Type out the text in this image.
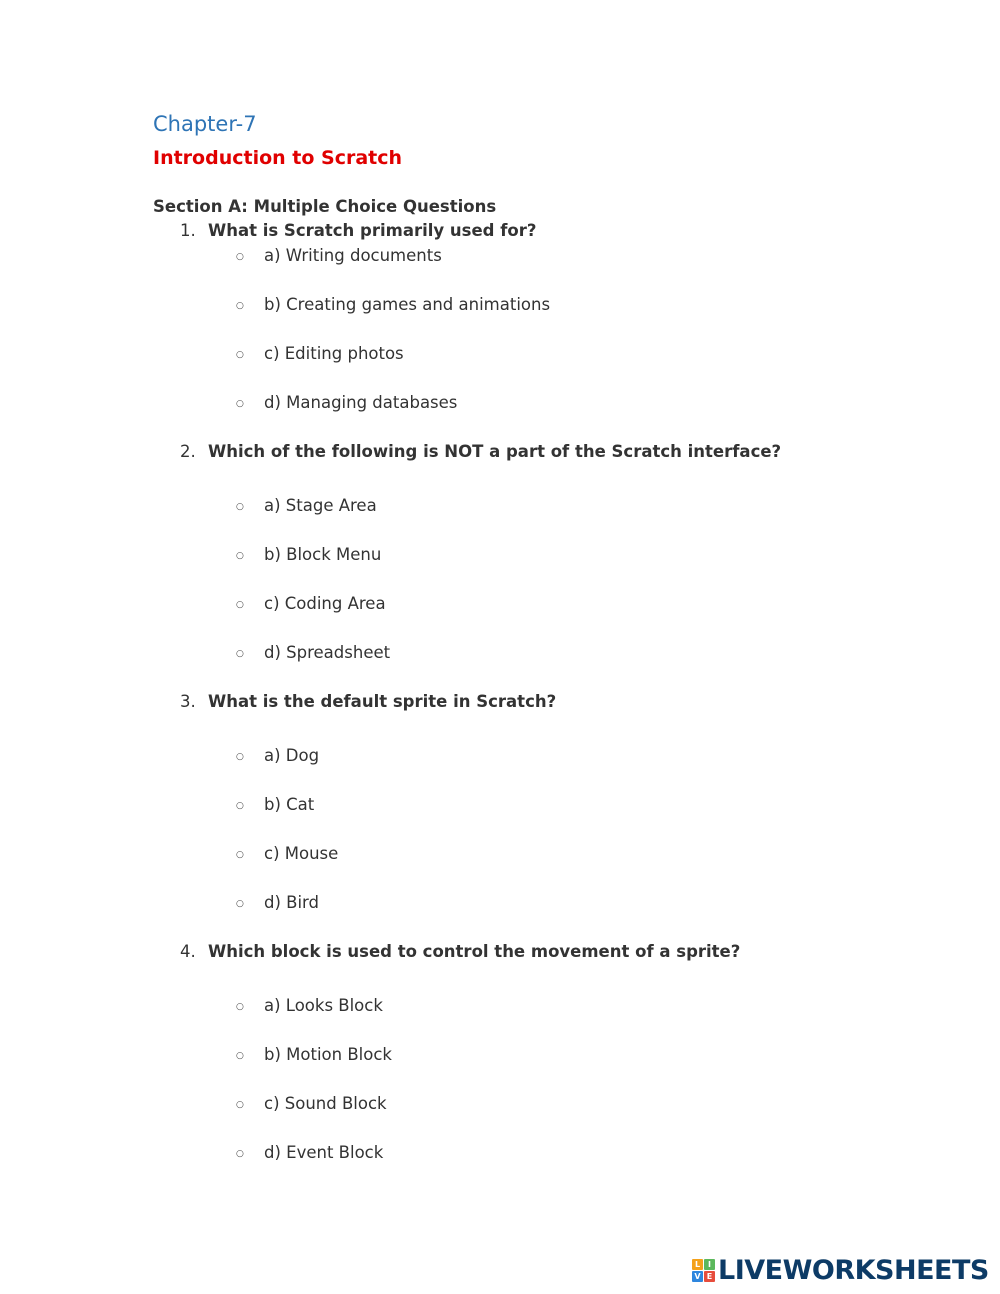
Chapter-7
Introduction to Scratch
Section A: Multiple Choice Questions
1. What is Scratch primarily used for?
○ a) Writing documents
○ b) Creating games and animations
○ c) Editing photos
○ d) Managing databases
2. Which of the following is NOT a part of the Scratch interface?
○ a) Stage Area
○ b) Block Menu
○ c) Coding Area
○ d) Spreadsheet
3. What is the default sprite in Scratch?
○ a) Dog
○ b) Cat
○ c) Mouse
○ d) Bird
4. Which block is used to control the movement of a sprite?
○ a) Looks Block
○ b) Motion Block
○ c) Sound Block
○ d) Event Block
L I
V E LIVEWORKSHEETS
